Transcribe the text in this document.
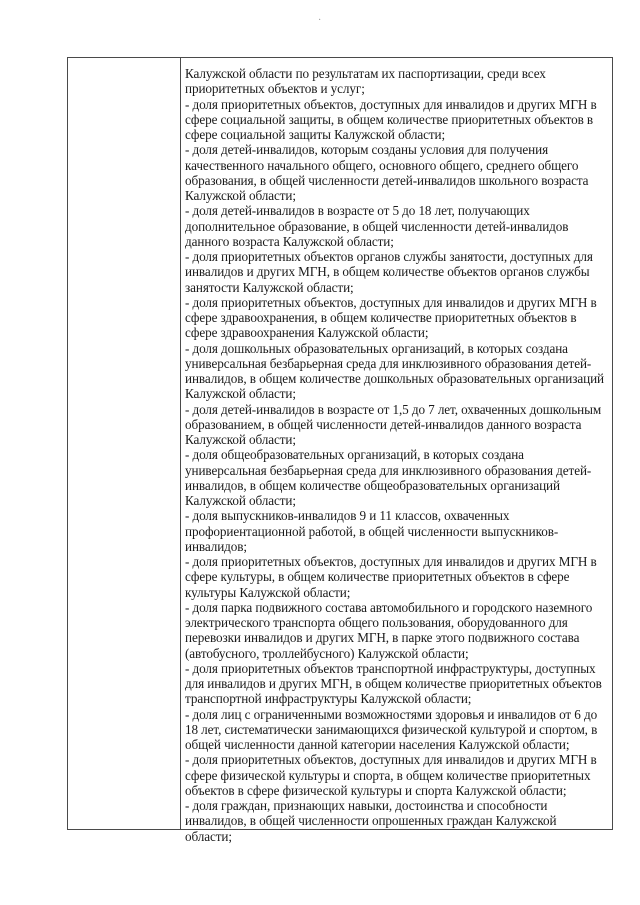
·
Калужской области по результатам их паспортизации, среди всех
приоритетных объектов и услуг;
- доля приоритетных объектов, доступных для инвалидов и других МГН в
сфере социальной защиты, в общем количестве приоритетных объектов в
сфере социальной защиты Калужской области;
- доля детей-инвалидов, которым созданы условия для получения
качественного начального общего, основного общего, среднего общего
образования, в общей численности детей-инвалидов школьного возраста
Калужской области;
- доля детей-инвалидов в возрасте от 5 до 18 лет, получающих
дополнительное образование, в общей численности детей-инвалидов
данного возраста Калужской области;
- доля приоритетных объектов органов службы занятости, доступных для
инвалидов и других МГН, в общем количестве объектов органов службы
занятости Калужской области;
- доля приоритетных объектов, доступных для инвалидов и других МГН в
сфере здравоохранения, в общем количестве приоритетных объектов в
сфере здравоохранения Калужской области;
- доля дошкольных образовательных организаций, в которых создана
универсальная безбарьерная среда для инклюзивного образования детей-
инвалидов, в общем количестве дошкольных образовательных организаций
Калужской области;
- доля детей-инвалидов в возрасте от 1,5 до 7 лет, охваченных дошкольным
образованием, в общей численности детей-инвалидов данного возраста
Калужской области;
- доля общеобразовательных организаций, в которых создана
универсальная безбарьерная среда для инклюзивного образования детей-
инвалидов, в общем количестве общеобразовательных организаций
Калужской области;
- доля выпускников-инвалидов 9 и 11 классов, охваченных
профориентационной работой, в общей численности выпускников-
инвалидов;
- доля приоритетных объектов, доступных для инвалидов и других МГН в
сфере культуры, в общем количестве приоритетных объектов в сфере
культуры Калужской области;
- доля парка подвижного состава автомобильного и городского наземного
электрического транспорта общего пользования, оборудованного для
перевозки инвалидов и других МГН, в парке этого подвижного состава
(автобусного, троллейбусного) Калужской области;
- доля приоритетных объектов транспортной инфраструктуры, доступных
для инвалидов и других МГН, в общем количестве приоритетных объектов
транспортной инфраструктуры Калужской области;
- доля лиц с ограниченными возможностями здоровья и инвалидов от 6 до
18 лет, систематически занимающихся физической культурой и спортом, в
общей численности данной категории населения Калужской области;
- доля приоритетных объектов, доступных для инвалидов и других МГН в
сфере физической культуры и спорта, в общем количестве приоритетных
объектов в сфере физической культуры и спорта Калужской области;
- доля граждан, признающих навыки, достоинства и способности
инвалидов, в общей численности опрошенных граждан Калужской
области;
